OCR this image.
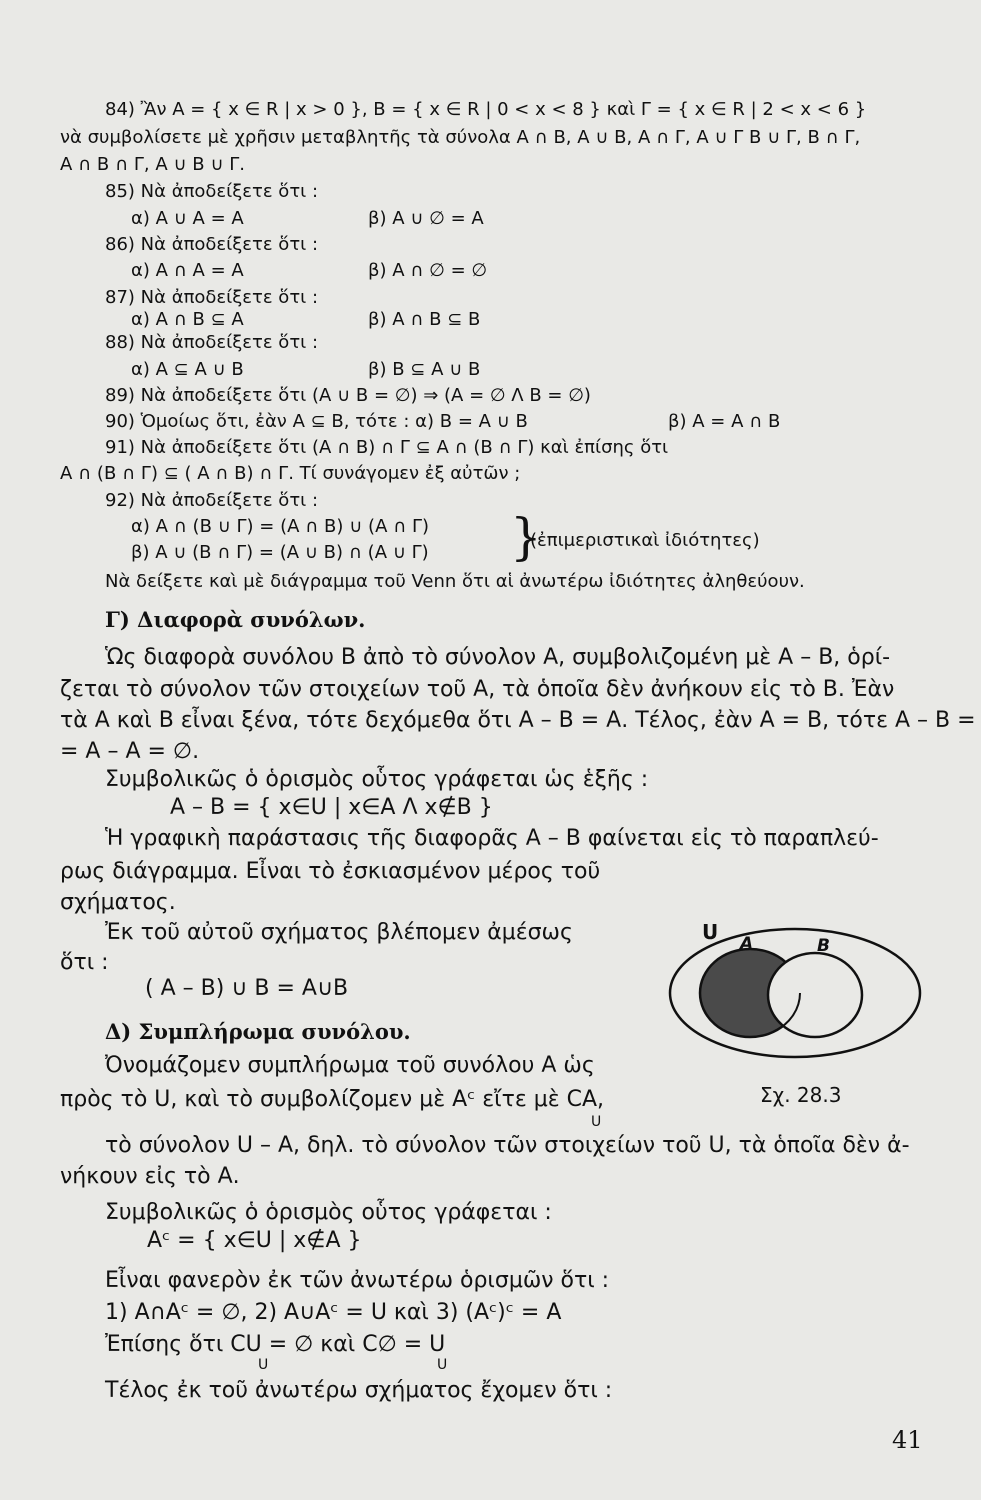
84) Ἂν Α = { x ∈ R | x > 0 }, Β = { x ∈ R | 0 < x < 8 } καὶ Γ = { x ∈ R | 2 < x < 6 }
νὰ συμβολίσετε μὲ χρῆσιν μεταβλητῆς τὰ σύνολα Α ∩ Β, Α ∪ Β, Α ∩ Γ, Α ∪ Γ Β ∪ Γ, Β ∩ Γ,
Α ∩ Β ∩ Γ, Α ∪ Β ∪ Γ.
85) Νὰ ἀποδείξετε ὅτι :
α) Α ∪ Α = Α	β) Α ∪ ∅ = Α
86) Νὰ ἀποδείξετε ὅτι :
α) Α ∩ Α = Α	β) Α ∩ ∅ = ∅
87) Νὰ ἀποδείξετε ὅτι :
α) Α ∩ Β ⊆ Α	β) Α ∩ Β ⊆ Β
88) Νὰ ἀποδείξετε ὅτι :
α) Α ⊆ Α ∪ Β	β) Β ⊆ Α ∪ Β
89) Νὰ ἀποδείξετε ὅτι (Α ∪ Β = ∅) ⇒ (Α = ∅ Λ Β = ∅)
90) Ὁμοίως ὅτι, ἐὰν Α ⊆ Β, τότε : α) Β = Α ∪ Β	β) Α = Α ∩ Β
91) Νὰ ἀποδείξετε ὅτι (Α ∩ Β) ∩ Γ ⊆ Α ∩ (Β ∩ Γ) καὶ ἐπίσης ὅτι
Α ∩ (Β ∩ Γ) ⊆ ( Α ∩ Β) ∩ Γ. Τί συνάγομεν ἐξ αὐτῶν ;
92) Νὰ ἀποδείξετε ὅτι :
α) Α ∩ (Β ∪ Γ) = (Α ∩ Β) ∪ (Α ∩ Γ)
β) Α ∪ (Β ∩ Γ) = (Α ∪ Β) ∩ (Α ∪ Γ) }
(ἐπιμεριστικαὶ ἰδιότητες)
Νὰ δείξετε καὶ μὲ διάγραμμα τοῦ Venn ὅτι αἱ ἀνωτέρω ἰδιότητες ἀληθεύουν.
Γ) Διαφορὰ συνόλων.
Ὡς διαφορὰ συνόλου Β ἀπὸ τὸ σύνολον Α, συμβολιζομένη μὲ Α – Β, ὁρί-
ζεται τὸ σύνολον τῶν στοιχείων τοῦ Α, τὰ ὁποῖα δὲν ἀνήκουν εἰς τὸ Β. Ἐὰν
τὰ Α καὶ Β εἶναι ξένα, τότε δεχόμεθα ὅτι Α – Β = Α. Τέλος, ἐὰν Α = Β, τότε Α – Β =
= Α – Α = ∅.
Συμβολικῶς ὁ ὁρισμὸς οὗτος γράφεται ὡς ἑξῆς :
Α – Β = { x∈U | x∈A Λ x∉B }
Ἡ γραφικὴ παράστασις τῆς διαφορᾶς Α – Β φαίνεται εἰς τὸ παραπλεύ-
ρως διάγραμμα. Εἶναι τὸ ἐσκιασμένον μέρος τοῦ
σχήματος.
Ἐκ τοῦ αὐτοῦ σχήματος βλέπομεν ἀμέσως
ὅτι :
( Α – Β) ∪ Β = Α∪Β
Δ) Συμπλήρωμα συνόλου.
Ὀνομάζομεν συμπλήρωμα τοῦ συνόλου Α ὡς
πρὸς τὸ U, καὶ τὸ συμβολίζομεν μὲ Aᶜ εἴτε μὲ CA,
U
τὸ σύνολον U – Α, δηλ. τὸ σύνολον τῶν στοιχείων τοῦ U, τὰ ὁποῖα δὲν ἀ-
νήκουν εἰς τὸ Α.
Συμβολικῶς ὁ ὁρισμὸς οὗτος γράφεται :
Aᶜ = { x∈U | x∉A }
Εἶναι φανερὸν ἐκ τῶν ἀνωτέρω ὁρισμῶν ὅτι :
1) A∩Aᶜ = ∅, 2) A∪Aᶜ = U καὶ 3) (Aᶜ)ᶜ = A
Ἐπίσης ὅτι CU = ∅ καὶ C∅ = U
U	U
Τέλος ἐκ τοῦ ἀνωτέρω σχήματος ἔχομεν ὅτι :
U A	B
Σχ. 28.3
41
